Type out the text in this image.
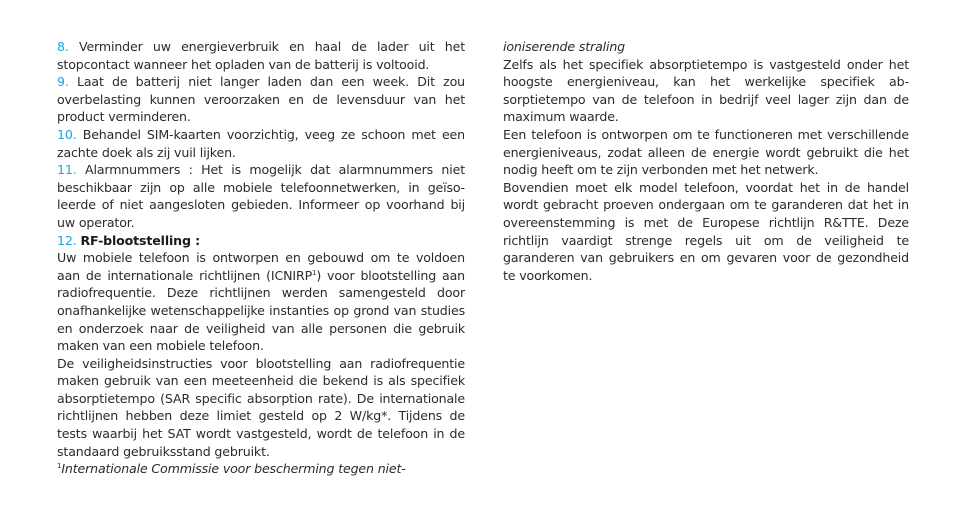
8. Verminder uw energieverbruik en haal de lader uit het stopcontact wanneer het opladen van de batterij is voltooid.

9. Laat de batterij niet langer laden dan een week. Dit zou overbelasting kunnen veroorzaken en de levensduur van het product verminderen.

10. Behandel SIM-kaarten voorzichtig, veeg ze schoon met een zachte doek als zij vuil lijken.

11. Alarmnummers : Het is mogelijk dat alarmnummers niet beschikbaar zijn op alle mobiele telefoonnetwerken, in geïsoleerde of niet aangesloten gebieden. Informeer op voorhand bij uw operator.

12. RF-blootstelling :

Uw mobiele telefoon is ontworpen en gebouwd om te voldoen aan de internationale richtlijnen (ICNIRP$^1$) voor blootstelling aan radiofrequentie. Deze richtlijnen werden samengesteld door onafhankelijke wetenschappelijke instanties op grond van studies en onderzoek naar de veiligheid van alle personen die gebruik maken van een mobiele telefoon.

De veiligheidsinstructies voor blootstelling aan radiofrequentie maken gebruik van een meeteenheid die bekend is als specifiek absorptietempo (SAR specific absorption rate). De internationale richtlijnen hebben deze limiet gesteld op 2 W/kg*. Tijdens de tests waarbij het SAT wordt vastgesteld, wordt de telefoon in de standaard gebruiksstand gebruikt.

$^1$Internationale Commissie voor bescherming tegen niet-

ioniserende straling

Zelfs als het specifiek absorptietempo is vastgesteld onder het hoogste energieniveau, kan het werkelijke specifiek absorptietempo van de telefoon in bedrijf veel lager zijn dan de maximum waarde.

Een telefoon is ontworpen om te functioneren met verschillende energieniveaus, zodat alleen de energie wordt gebruikt die het nodig heeft om te zijn verbonden met het netwerk.

Bovendien moet elk model telefoon, voordat het in de handel wordt gebracht proeven ondergaan om te garanderen dat het in overeenstemming is met de Europese richtlijn R&TTE. Deze richtlijn vaardigt strenge regels uit om de veiligheid te garanderen van gebruikers en om gevaren voor de gezondheid te voorkomen.
